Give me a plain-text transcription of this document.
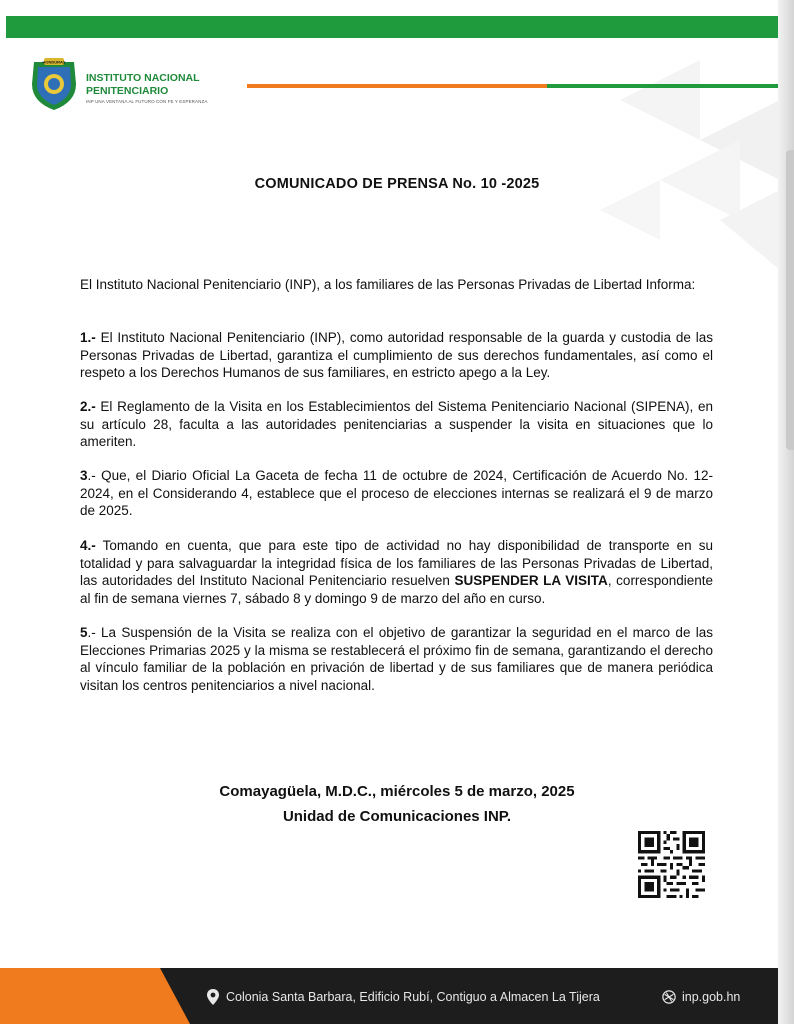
HONDURAS
INSTITUTO NACIONAL
PENITENCIARIO
INP UNA VENTANA AL FUTURO CON FE Y ESPERANZA
COMUNICADO DE PRENSA No. 10 -2025
El Instituto Nacional Penitenciario (INP), a los familiares de las Personas Privadas de Libertad Informa:
1.- El Instituto Nacional Penitenciario (INP), como autoridad responsable de la guarda y custodia de las Personas Privadas de Libertad, garantiza el cumplimiento de sus derechos fundamentales, así como el respeto a los Derechos Humanos de sus familiares, en estricto apego a la Ley.
2.- El Reglamento de la Visita en los Establecimientos del Sistema Penitenciario Nacional (SIPENA), en su artículo 28, faculta a las autoridades penitenciarias a suspender la visita en situaciones que lo ameriten.
3.- Que, el Diario Oficial La Gaceta de fecha 11 de octubre de 2024, Certificación de Acuerdo No. 12-2024, en el Considerando 4, establece que el proceso de elecciones internas se realizará el 9 de marzo de 2025.
4.- Tomando en cuenta, que para este tipo de actividad no hay disponibilidad de transporte en su totalidad y para salvaguardar la integridad física de los familiares de las Personas Privadas de Libertad, las autoridades del Instituto Nacional Penitenciario resuelven SUSPENDER LA VISITA, correspondiente al fin de semana viernes 7, sábado 8 y domingo 9 de marzo del año en curso.
5.- La Suspensión de la Visita se realiza con el objetivo de garantizar la seguridad en el marco de las Elecciones Primarias 2025 y la misma se restablecerá el próximo fin de semana, garantizando el derecho al vínculo familiar de la población en privación de libertad y de sus familiares que de manera periódica visitan los centros penitenciarios a nivel nacional.
Comayagüela, M.D.C., miércoles 5 de marzo, 2025
Unidad de Comunicaciones INP.
Colonia Santa Barbara, Edificio Rubí, Contiguo a Almacen La Tijera	inp.gob.hn
